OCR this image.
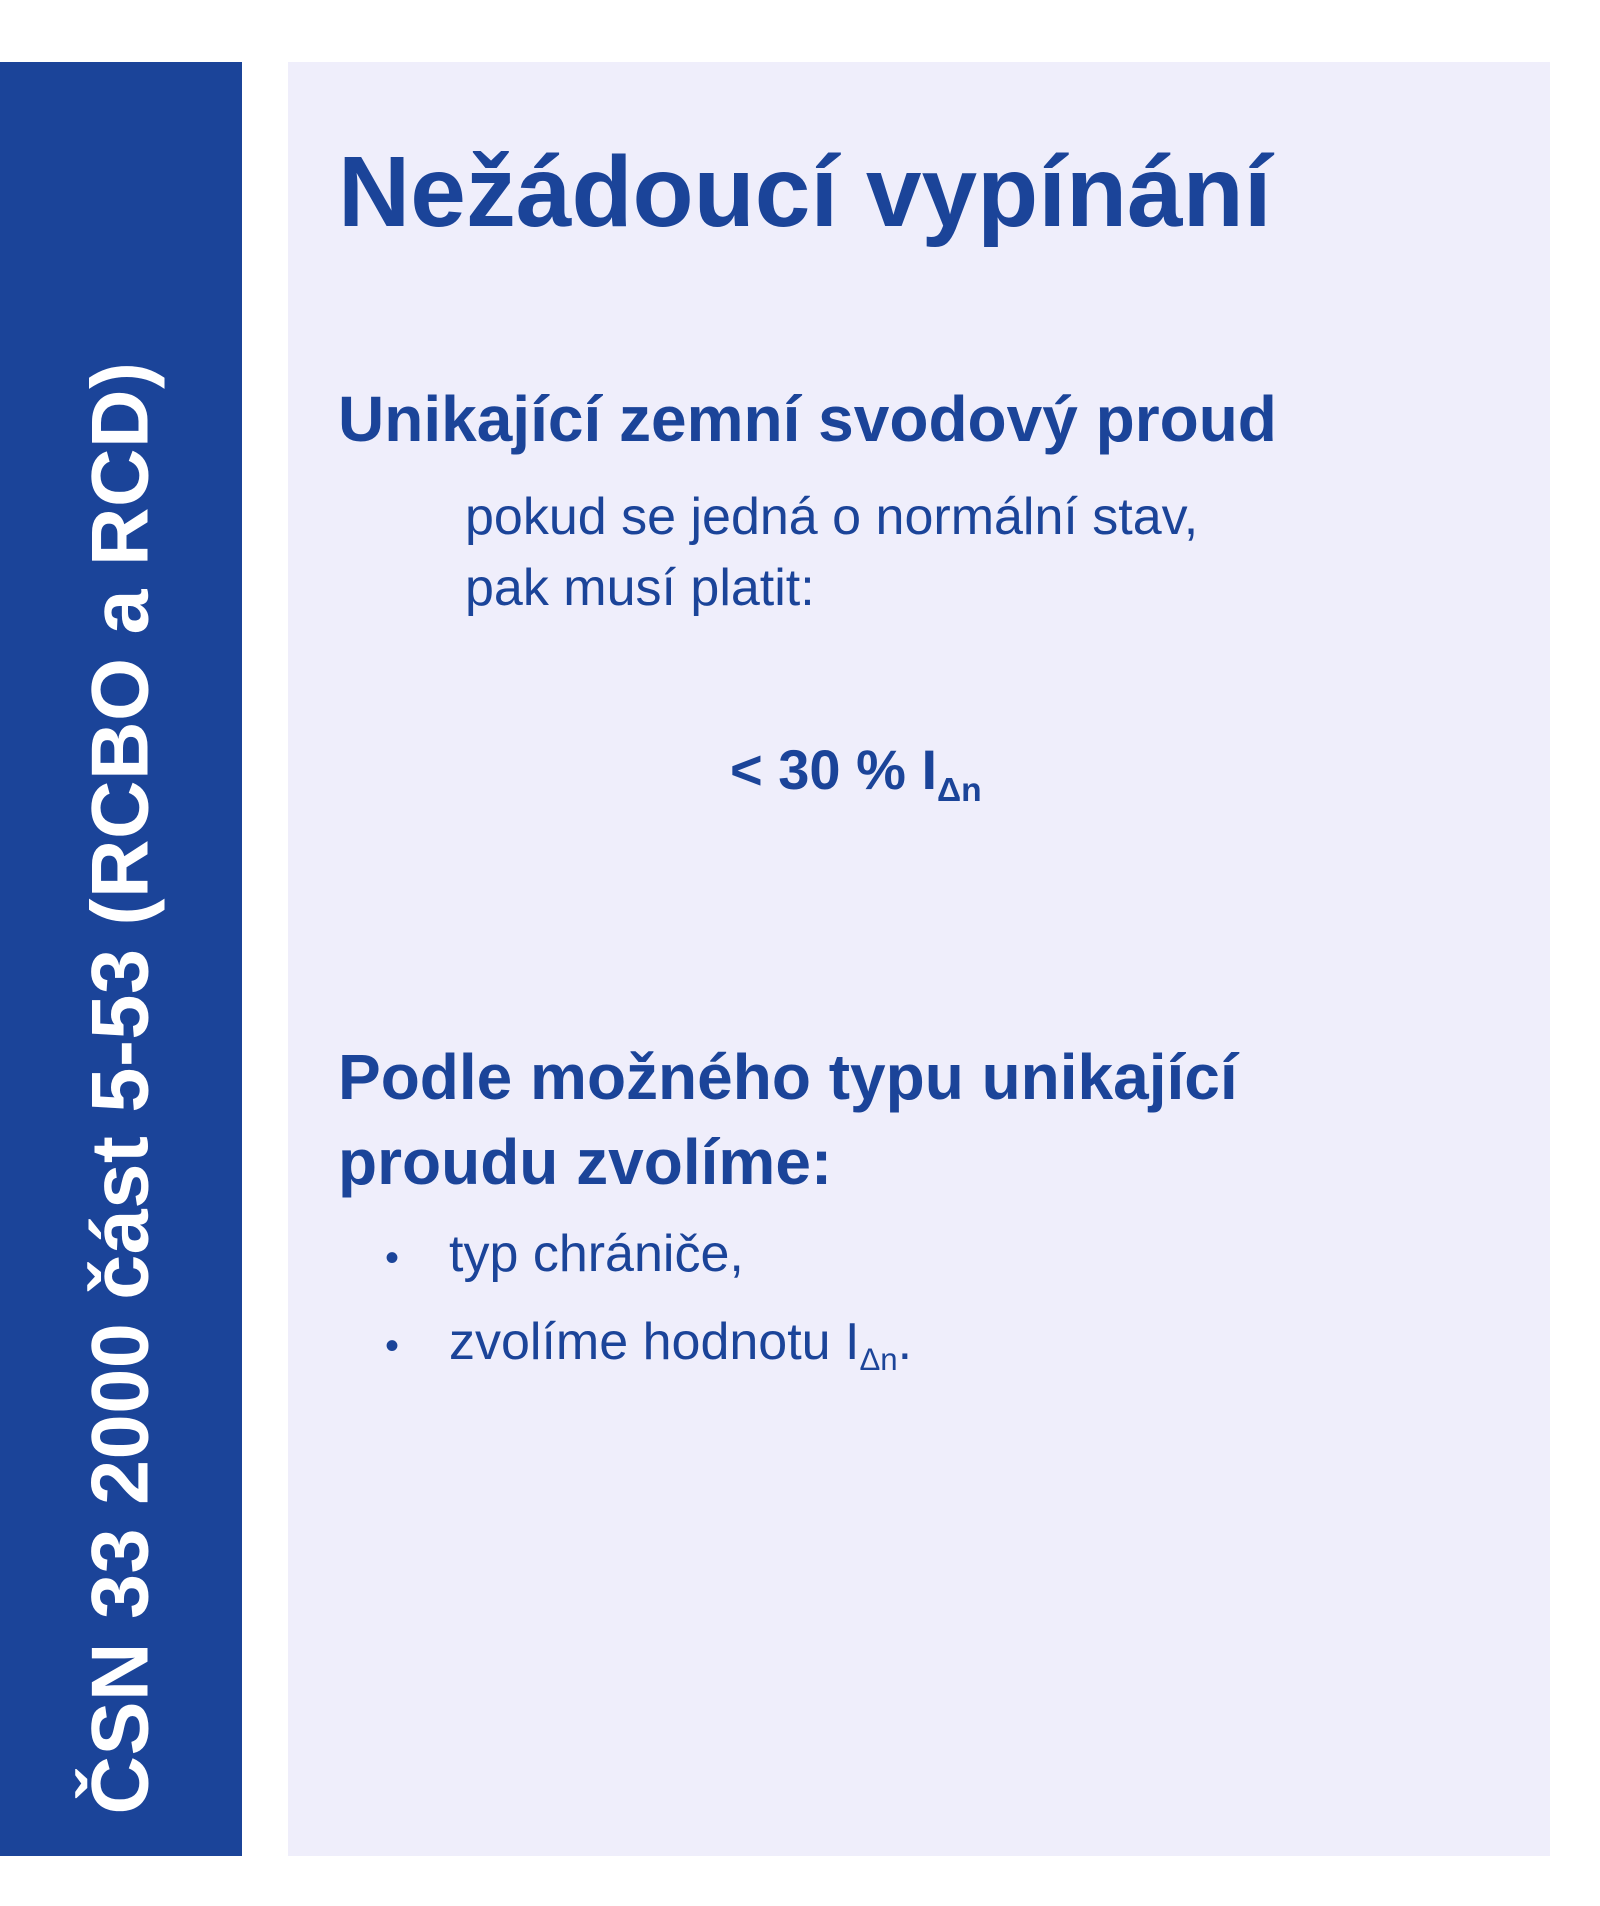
ČSN 33 2000 část 5-53 (RCBO a RCD)
Nežádoucí vypínání
Unikající zemní svodový proud
pokud se jedná o normální stav,
pak musí platit:
< 30 % $I_{\Delta n}$
Podle možného typu unikající
proudu zvolíme:
• typ chrániče,
• zvolíme hodnotu $I_{\Delta n}$.
